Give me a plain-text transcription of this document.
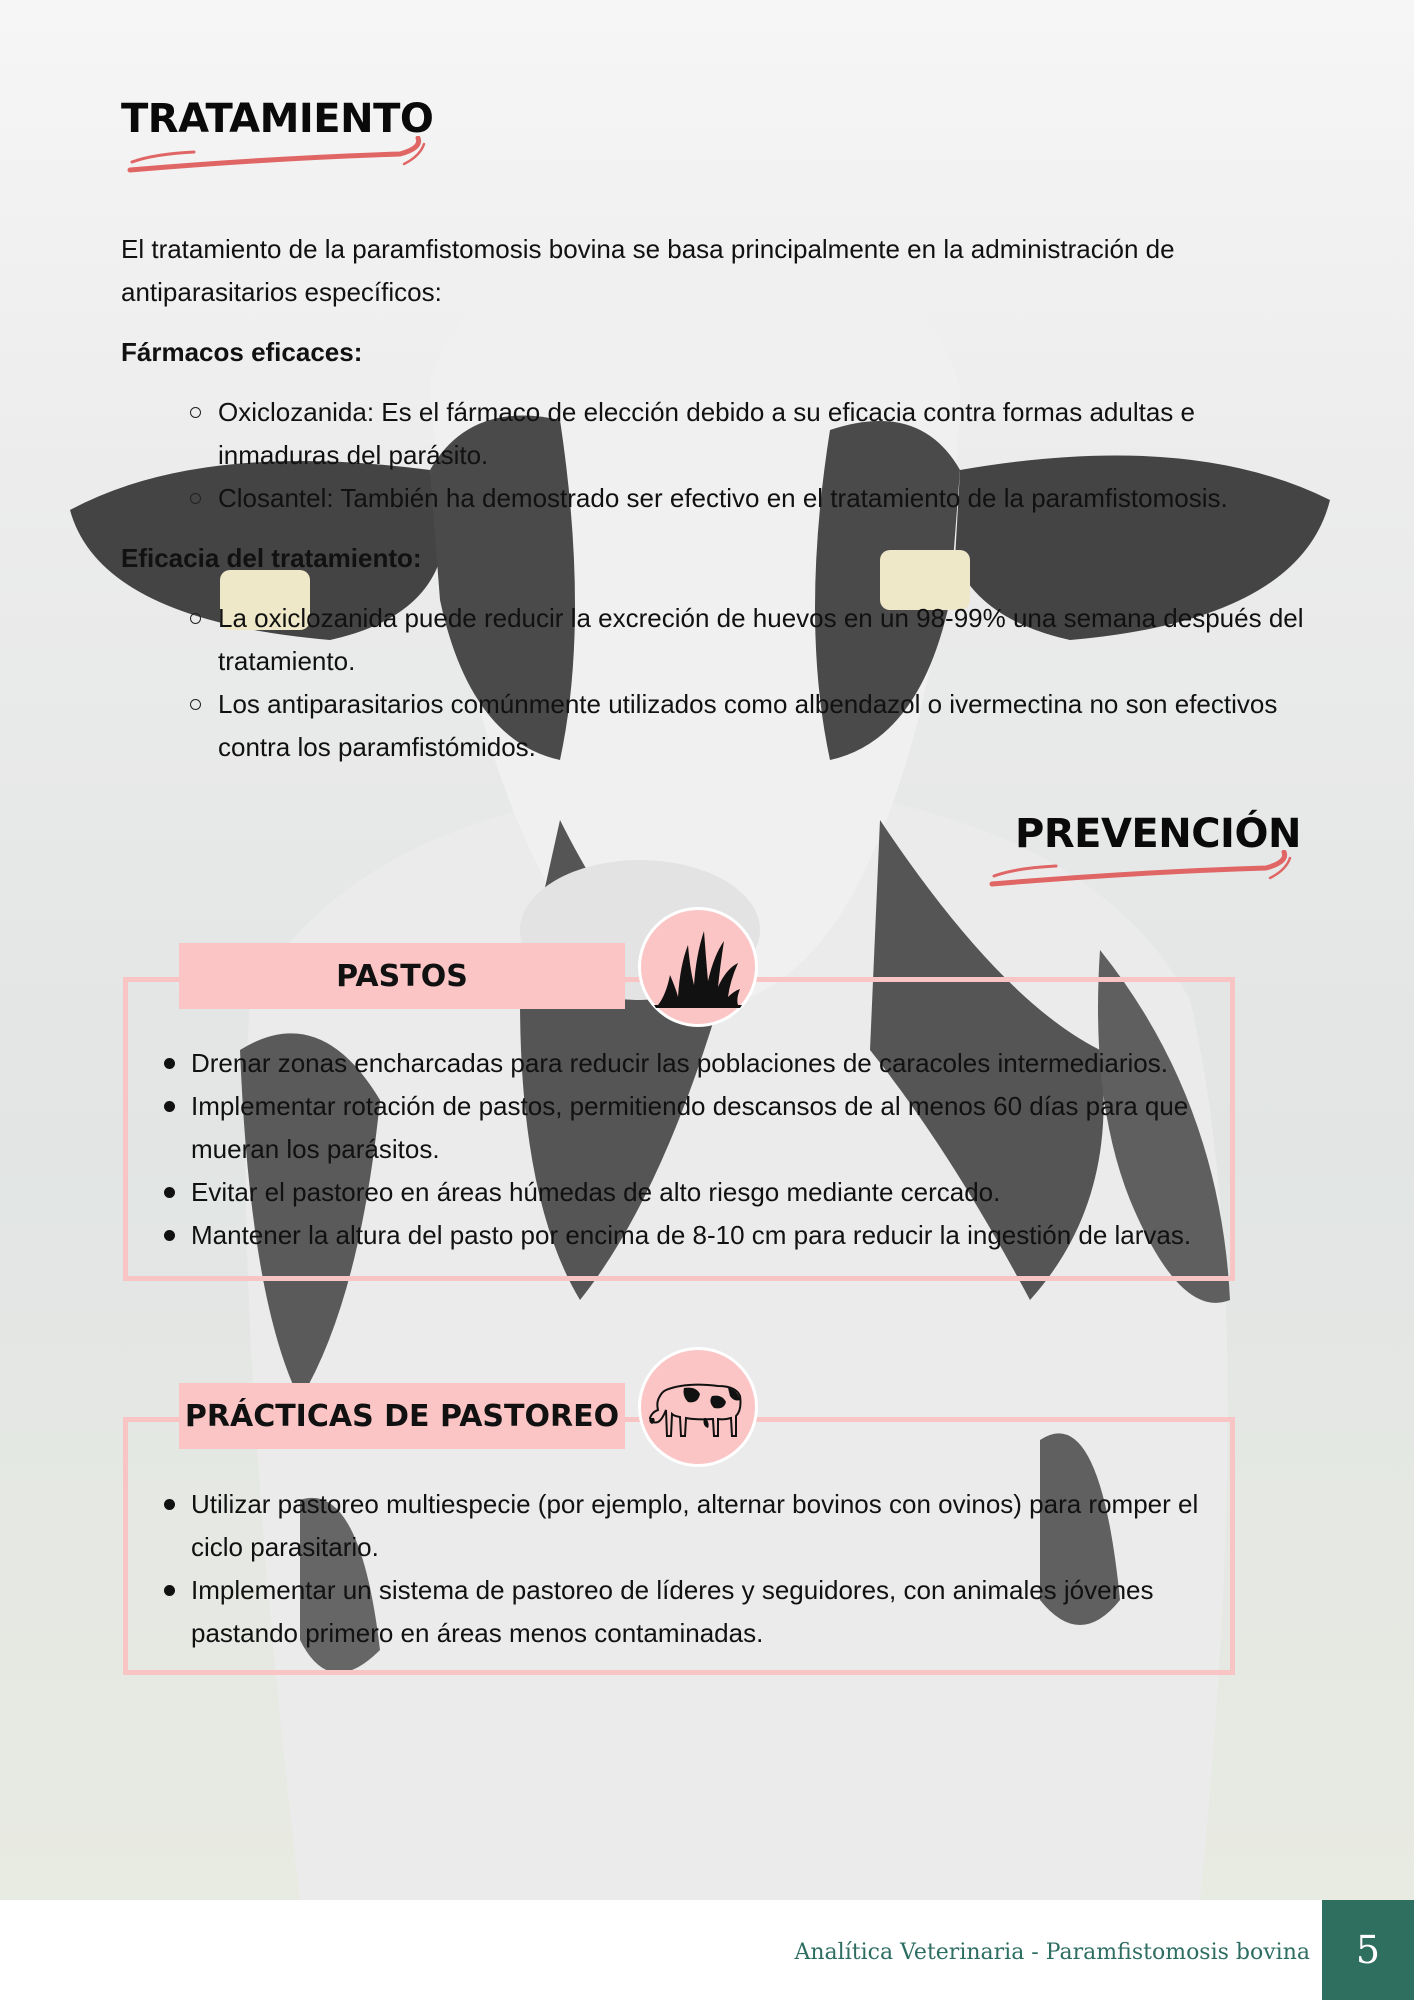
TRATAMIENTO

El tratamiento de la paramfistomosis bovina se basa principalmente en la administración de antiparasitarios específicos:

Fármacos eficaces:

Oxiclozanida: Es el fármaco de elección debido a su eficacia contra formas adultas e inmaduras del parásito.
Closantel: También ha demostrado ser efectivo en el tratamiento de la paramfistomosis.

Eficacia del tratamiento:

La oxiclozanida puede reducir la excreción de huevos en un 98-99% una semana después del tratamiento.
Los antiparasitarios comúnmente utilizados como albendazol o ivermectina no son efectivos contra los paramfistómidos.
PREVENCIÓN
PASTOS
Drenar zonas encharcadas para reducir las poblaciones de caracoles intermediarios.
Implementar rotación de pastos, permitiendo descansos de al menos 60 días para que mueran los parásitos.
Evitar el pastoreo en áreas húmedas de alto riesgo mediante cercado.
Mantener la altura del pasto por encima de 8-10 cm para reducir la ingestión de larvas.
PRÁCTICAS DE PASTOREO
Utilizar pastoreo multiespecie (por ejemplo, alternar bovinos con ovinos) para romper el ciclo parasitario.
Implementar un sistema de pastoreo de líderes y seguidores, con animales jóvenes pastando primero en áreas menos contaminadas.
Analítica Veterinaria - Paramfistomosis bovina	5
